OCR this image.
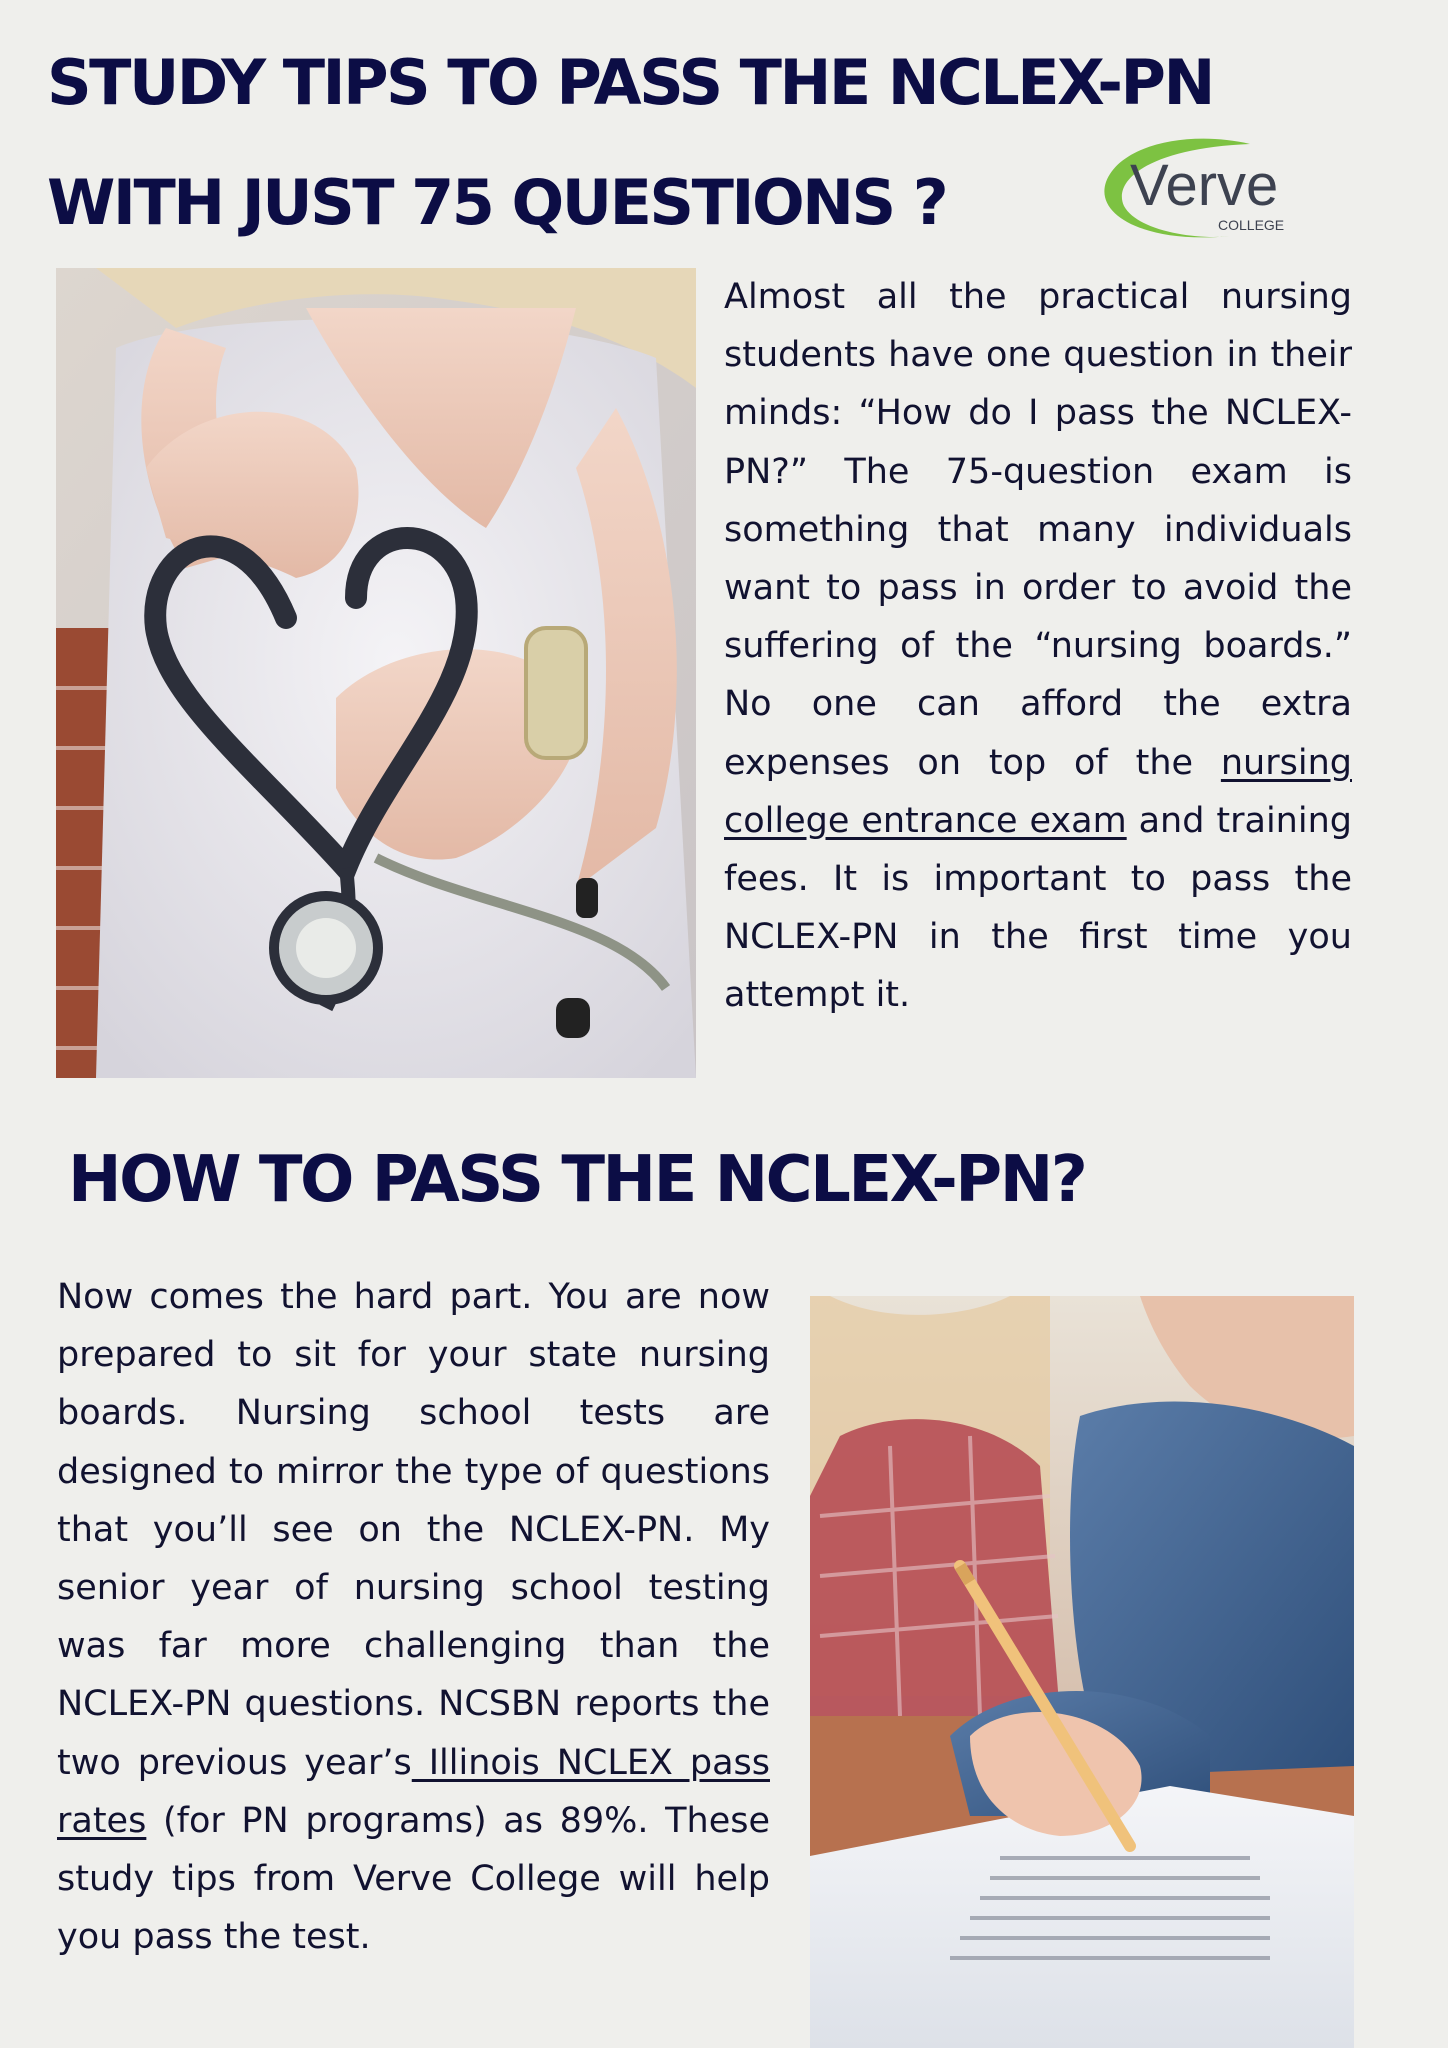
STUDY TIPS TO PASS THE NCLEX-PN
WITH JUST 75 QUESTIONS ?	Verve
COLLEGE

Almost all the practical nursing students have one question in their minds: “How do I pass the NCLEX-PN?” The 75-question exam is something that many individuals want to pass in order to avoid the suffering of the “nursing boards.” No one can afford the extra expenses on top of the nursing college entrance exam and training fees. It is important to pass the NCLEX-PN in the first time you attempt it.

HOW TO PASS THE NCLEX-PN?

Now comes the hard part. You are now prepared to sit for your state nursing boards. Nursing school tests are designed to mirror the type of questions that you’ll see on the NCLEX-PN. My senior year of nursing school testing was far more challenging than the NCLEX-PN questions. NCSBN reports the two previous year’s Illinois NCLEX pass rates (for PN programs) as 89%. These study tips from Verve College will help you pass the test.
